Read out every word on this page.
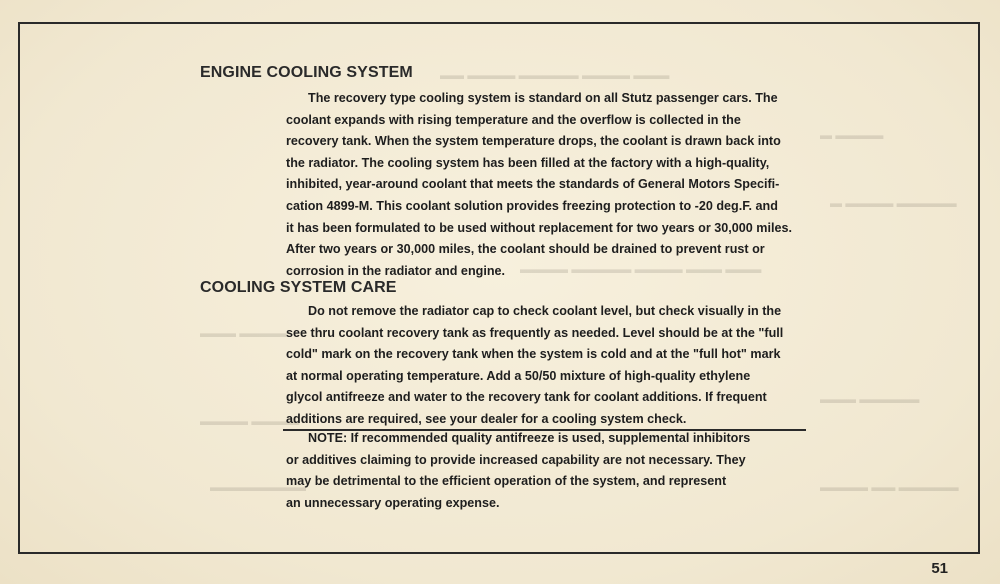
▬▬▬ ▬▬▬▬ ▬▬▬▬▬ ▬▬▬▬ ▬▬
▬▬▬▬ ▬
▬▬▬▬▬ ▬▬▬▬ ▬
▬▬▬ ▬▬▬ ▬▬▬▬ ▬▬▬▬▬ ▬▬▬▬
▬▬▬▬ ▬▬▬
▬▬▬▬▬ ▬▬▬
▬▬▬▬ ▬▬▬▬
▬▬▬▬▬▬▬▬	▬▬▬▬▬ ▬▬ ▬▬▬▬
ENGINE COOLING SYSTEM
The recovery type cooling system is standard on all Stutz passenger cars. The
coolant expands with rising temperature and the overflow is collected in the
recovery tank. When the system temperature drops, the coolant is drawn back into
the radiator. The cooling system has been filled at the factory with a high-quality,
inhibited, year-around coolant that meets the standards of General Motors Specifi-
cation 4899-M. This coolant solution provides freezing protection to -20 deg.F. and
it has been formulated to be used without replacement for two years or 30,000 miles.
After two years or 30,000 miles, the coolant should be drained to prevent rust or
corrosion in the radiator and engine.
COOLING SYSTEM CARE
Do not remove the radiator cap to check coolant level, but check visually in the
see thru coolant recovery tank as frequently as needed. Level should be at the "full
cold" mark on the recovery tank when the system is cold and at the "full hot" mark
at normal operating temperature. Add a 50/50 mixture of high-quality ethylene
glycol antifreeze and water to the recovery tank for coolant additions. If frequent
additions are required, see your dealer for a cooling system check.
NOTE: If recommended quality antifreeze is used, supplemental inhibitors
or additives claiming to provide increased capability are not necessary. They
may be detrimental to the efficient operation of the system, and represent
an unnecessary operating expense.
51
